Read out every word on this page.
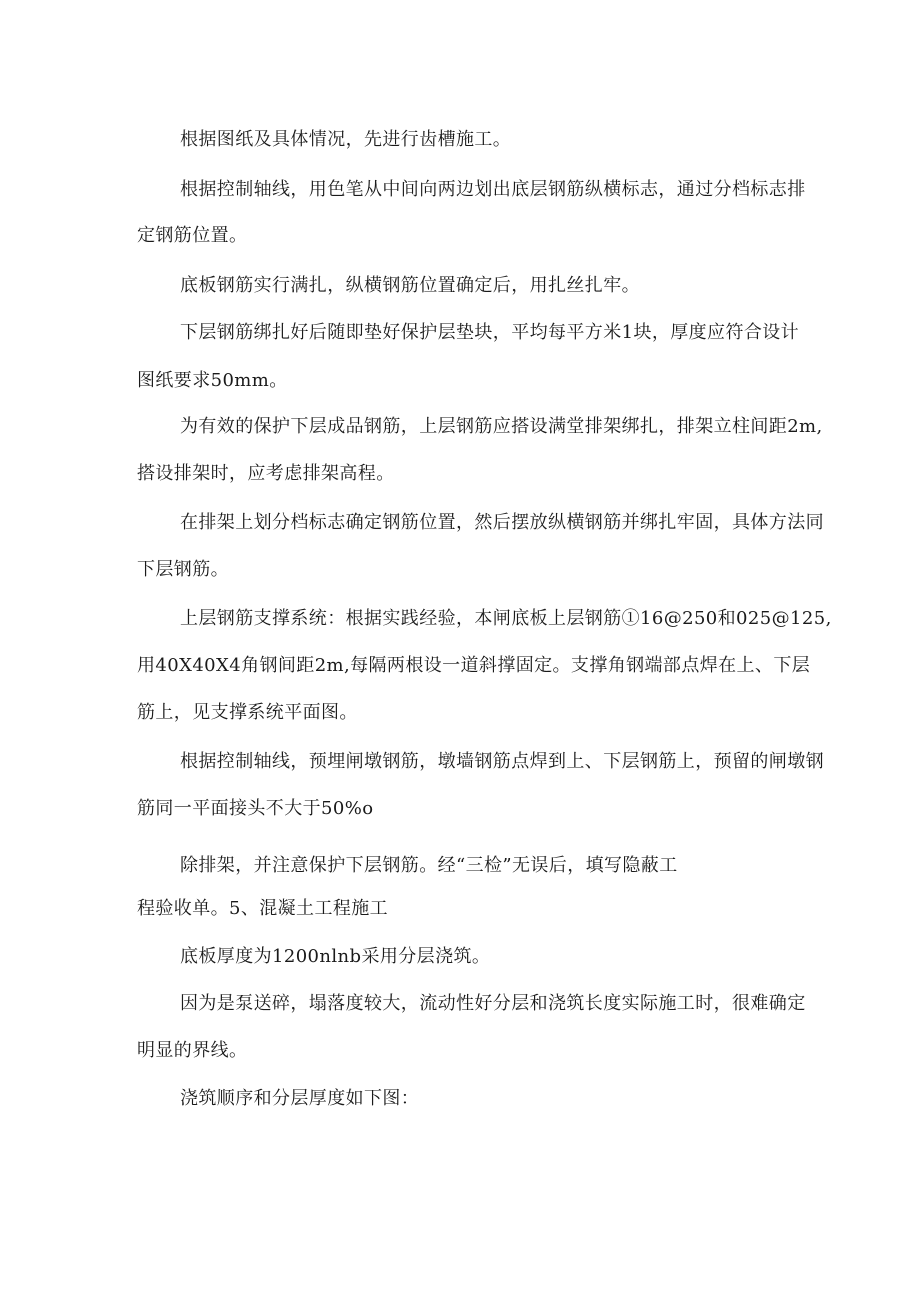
根据图纸及具体情况，先进行齿槽施工。
根据控制轴线，用色笔从中间向两边划出底层钢筋纵横标志，通过分档标志排
定钢筋位置。
底板钢筋实行满扎，纵横钢筋位置确定后，用扎丝扎牢。
下层钢筋绑扎好后随即垫好保护层垫块，平均每平方米1块，厚度应符合设计
图纸要求50mm。
为有效的保护下层成品钢筋，上层钢筋应搭设满堂排架绑扎，排架立柱间距2m,
搭设排架时，应考虑排架高程。
在排架上划分档标志确定钢筋位置，然后摆放纵横钢筋并绑扎牢固，具体方法同
下层钢筋。
上层钢筋支撑系统：根据实践经验，本闸底板上层钢筋①16@250和025@125,
用40X40X4角钢间距2m,每隔两根设一道斜撑固定。支撑角钢端部点焊在上、下层
筋上，见支撑系统平面图。
根据控制轴线，预埋闸墩钢筋，墩墙钢筋点焊到上、下层钢筋上，预留的闸墩钢
筋同一平面接头不大于50%o
除排架，并注意保护下层钢筋。经“三检”无误后，填写隐蔽工
程验收单。5、混凝土工程施工
底板厚度为1200nlnb采用分层浇筑。
因为是泵送碎，塌落度较大，流动性好分层和浇筑长度实际施工时，很难确定
明显的界线。
浇筑顺序和分层厚度如下图：
